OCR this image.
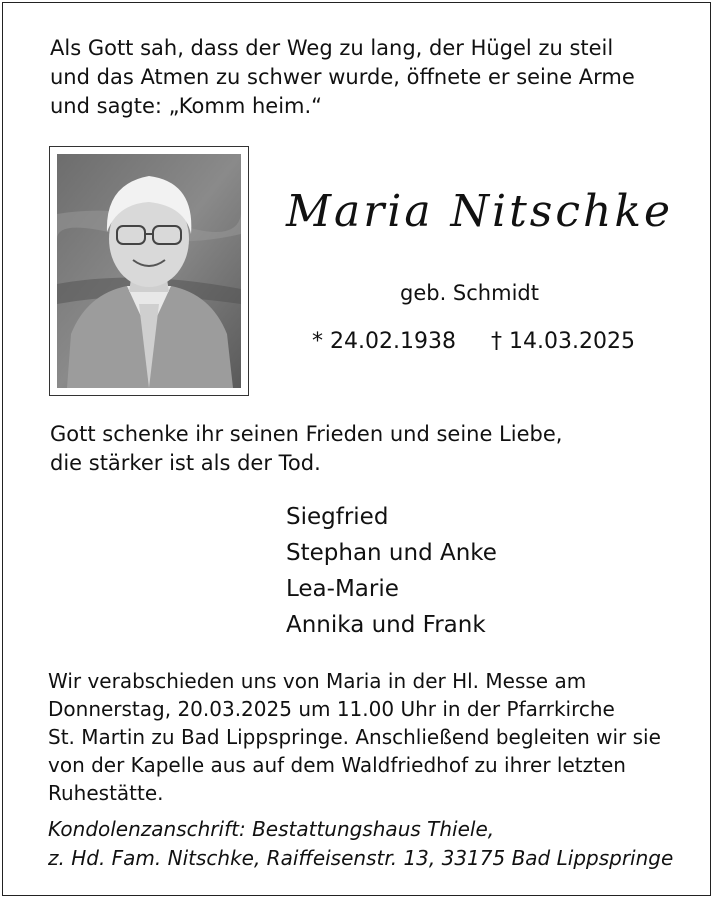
Als Gott sah, dass der Weg zu lang, der Hügel zu steil
und das Atmen zu schwer wurde, öffnete er seine Arme
und sagte: „Komm heim.“

Maria Nitschke

geb. Schmidt

* 24.02.1938 † 14.03.2025

Gott schenke ihr seinen Frieden und seine Liebe,
die stärker ist als der Tod.

Siegfried
Stephan und Anke
Lea-Marie
Annika und Frank

Wir verabschieden uns von Maria in der Hl. Messe am
Donnerstag, 20.03.2025 um 11.00 Uhr in der Pfarrkirche
St. Martin zu Bad Lippspringe. Anschließend begleiten wir sie
von der Kapelle aus auf dem Waldfriedhof zu ihrer letzten
Ruhestätte.

Kondolenzanschrift: Bestattungshaus Thiele,
z. Hd. Fam. Nitschke, Raiffeisenstr. 13, 33175 Bad Lippspringe
